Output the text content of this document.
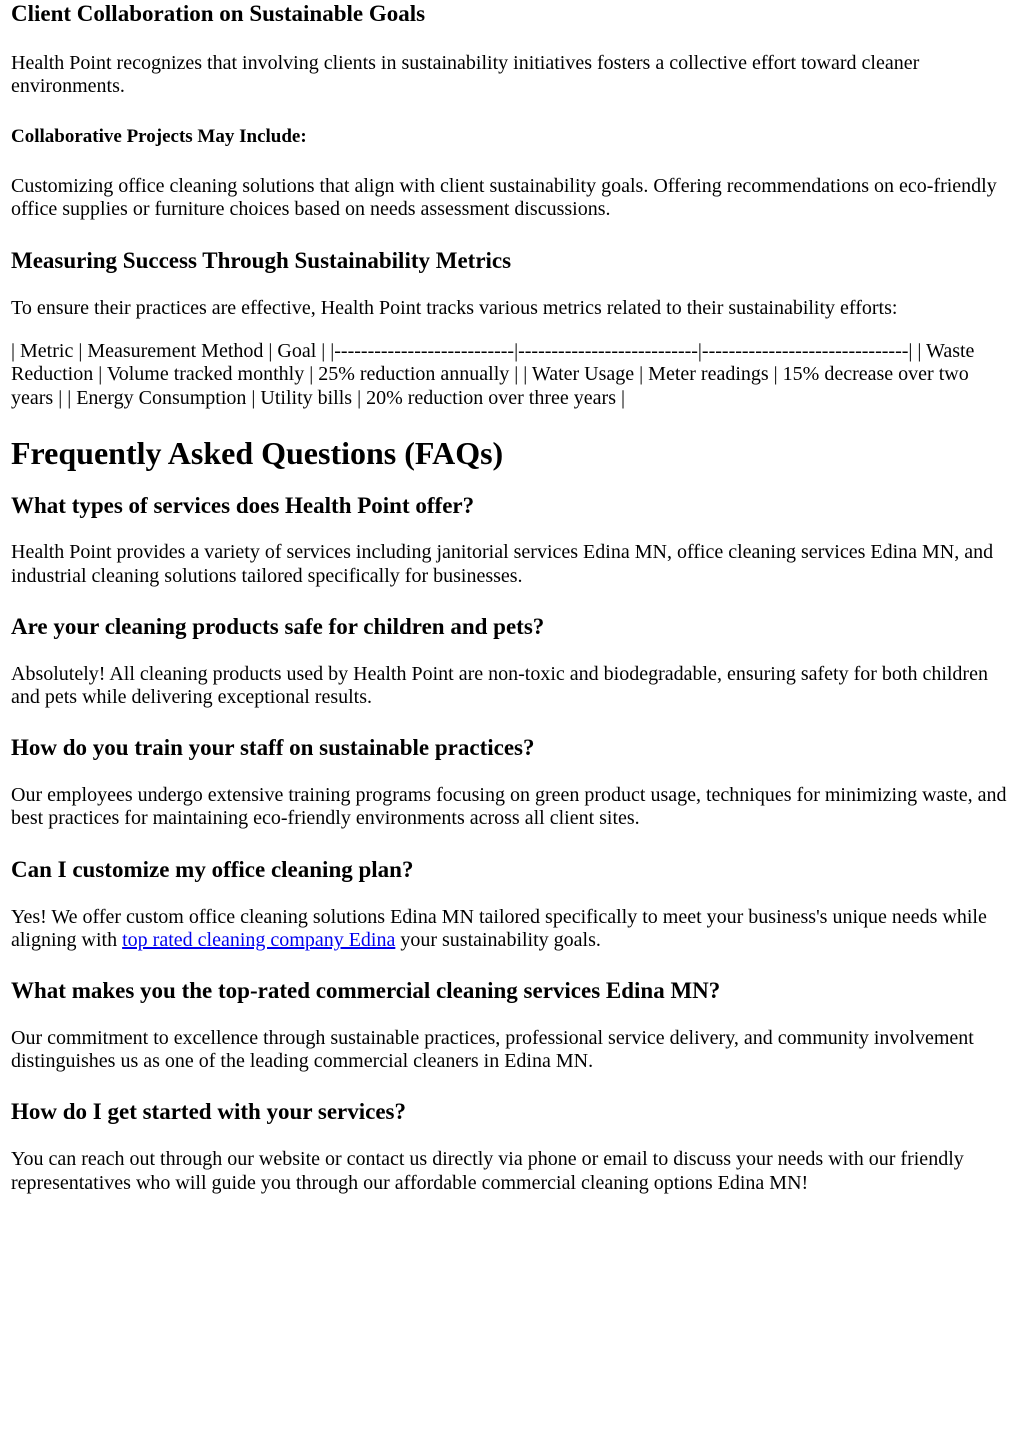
Client Collaboration on Sustainable Goals

Health Point recognizes that involving clients in sustainability initiatives fosters a collective effort toward cleaner environments.

Collaborative Projects May Include:

Customizing office cleaning solutions that align with client sustainability goals. Offering recommendations on eco-friendly office supplies or furniture choices based on needs assessment discussions.

Measuring Success Through Sustainability Metrics

To ensure their practices are effective, Health Point tracks various metrics related to their sustainability efforts:

| Metric | Measurement Method | Goal | |---------------------------|---------------------------|-------------------------------| | Waste Reduction | Volume tracked monthly | 25% reduction annually | | Water Usage | Meter readings | 15% decrease over two years | | Energy Consumption | Utility bills | 20% reduction over three years |

Frequently Asked Questions (FAQs)
What types of services does Health Point offer?

Health Point provides a variety of services including janitorial services Edina MN, office cleaning services Edina MN, and industrial cleaning solutions tailored specifically for businesses.

Are your cleaning products safe for children and pets?

Absolutely! All cleaning products used by Health Point are non-toxic and biodegradable, ensuring safety for both children and pets while delivering exceptional results.

How do you train your staff on sustainable practices?

Our employees undergo extensive training programs focusing on green product usage, techniques for minimizing waste, and best practices for maintaining eco-friendly environments across all client sites.

Can I customize my office cleaning plan?

Yes! We offer custom office cleaning solutions Edina MN tailored specifically to meet your business's unique needs while aligning with top rated cleaning company Edina your sustainability goals.

What makes you the top-rated commercial cleaning services Edina MN?

Our commitment to excellence through sustainable practices, professional service delivery, and community involvement distinguishes us as one of the leading commercial cleaners in Edina MN.

How do I get started with your services?

You can reach out through our website or contact us directly via phone or email to discuss your needs with our friendly representatives who will guide you through our affordable commercial cleaning options Edina MN!
